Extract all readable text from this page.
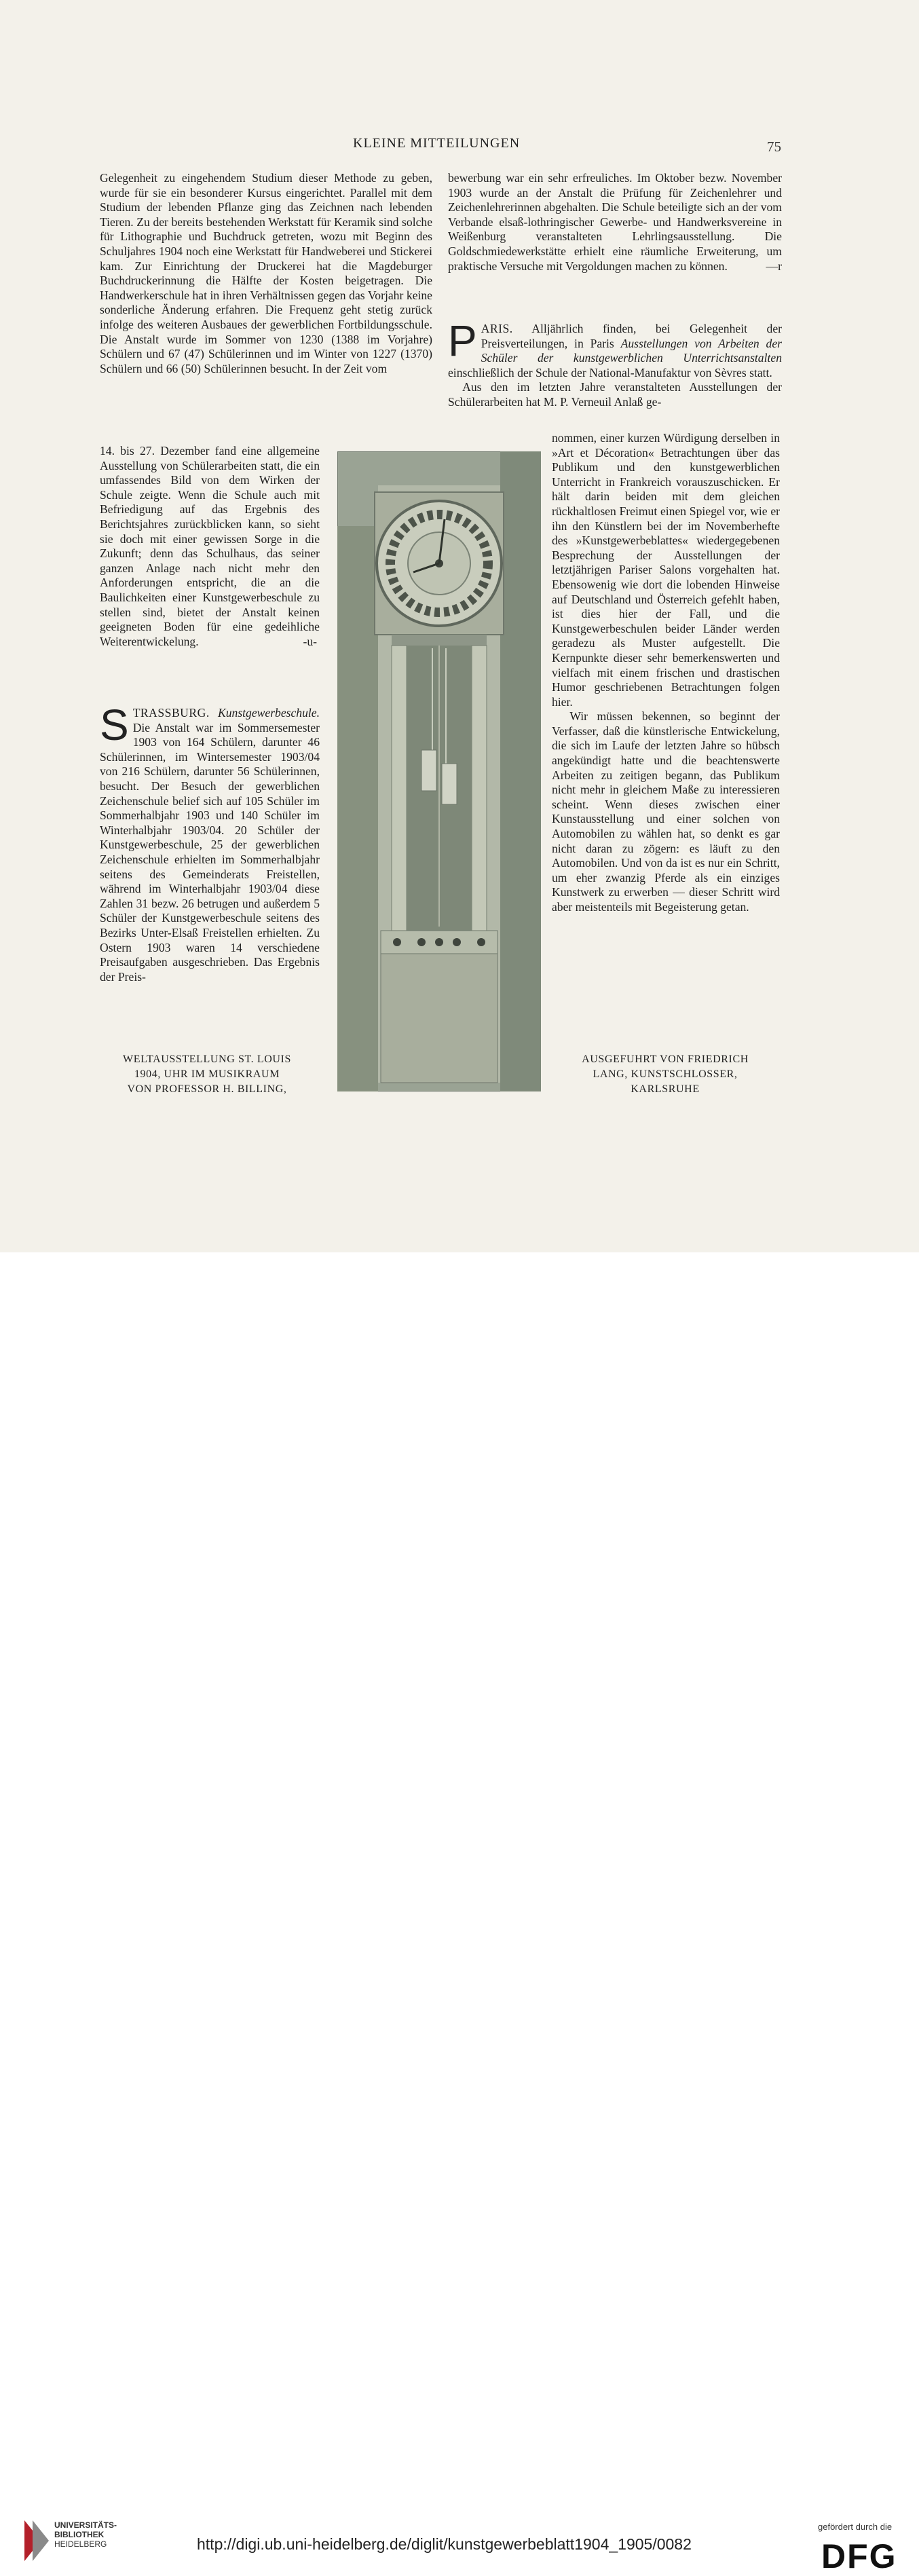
KLEINE MITTEILUNGEN	75

Gelegenheit zu eingehendem Studium dieser Methode zu geben, wurde für sie ein besonderer Kursus eingerichtet. Parallel mit dem Studium der lebenden Pflanze ging das Zeichnen nach lebenden Tieren. Zu der bereits bestehenden Werkstatt für Keramik sind solche für Lithographie und Buchdruck getreten, wozu mit Beginn des Schuljahres 1904 noch eine Werkstatt für Handweberei und Stickerei kam. Zur Einrichtung der Druckerei hat die Magdeburger Buchdruckerinnung die Hälfte der Kosten beigetragen. Die Handwerkerschule hat in ihren Verhältnissen gegen das Vorjahr keine sonderliche Änderung erfahren. Die Frequenz geht stetig zurück infolge des weiteren Ausbaues der gewerblichen Fortbildungsschule. Die Anstalt wurde im Sommer von 1230 (1388 im Vorjahre) Schülern und 67 (47) Schülerinnen und im Winter von 1227 (1370) Schülern und 66 (50) Schülerinnen besucht. In der Zeit vom

14. bis 27. Dezember fand eine allgemeine Ausstellung von Schülerarbeiten statt, die ein umfassendes Bild von dem Wirken der Schule zeigte. Wenn die Schule auch mit Befriedigung auf das Ergebnis des Berichtsjahres zurückblicken kann, so sieht sie doch mit einer gewissen Sorge in die Zukunft; denn das Schulhaus, das seiner ganzen Anlage nach nicht mehr den Anforderungen entspricht, die an die Baulichkeiten einer Kunstgewerbeschule zu stellen sind, bietet der Anstalt keinen geeigneten Boden für eine gedeihliche Weiterentwickelung.	-u-

S TRASSBURG. Kunstgewerbeschule. Die Anstalt war im Sommersemester 1903 von 164 Schülern, darunter 46 Schülerinnen, im Wintersemester 1903/04 von 216 Schülern, darunter 56 Schülerinnen, besucht. Der Besuch der gewerblichen Zeichenschule belief sich auf 105 Schüler im Sommerhalbjahr 1903 und 140 Schüler im Winterhalbjahr 1903/04. 20 Schüler der Kunstgewerbeschule, 25 der gewerblichen Zeichenschule erhielten im Sommerhalbjahr seitens des Gemeinderats Freistellen, während im Winterhalbjahr 1903/04 diese Zahlen 31 bezw. 26 betrugen und außerdem 5 Schüler der Kunstgewerbeschule seitens des Bezirks Unter-Elsaß Freistellen erhielten. Zu Ostern 1903 waren 14 verschiedene Preisaufgaben ausgeschrieben. Das Ergebnis der Preis-

bewerbung war ein sehr erfreuliches. Im Oktober bezw. November 1903 wurde an der Anstalt die Prüfung für Zeichenlehrer und Zeichenlehrerinnen abgehalten. Die Schule beteiligte sich an der vom Verbande elsaß-lothringischer Gewerbe- und Handwerksvereine in Weißenburg veranstalteten Lehrlingsausstellung. Die Goldschmiedewerkstätte erhielt eine räumliche Erweiterung, um praktische Versuche mit Vergoldungen machen zu können.	—r

P ARIS. Alljährlich finden, bei Gelegenheit der Preisverteilungen, in Paris Ausstellungen von Arbeiten der Schüler der kunstgewerblichen Unterrichtsanstalten einschließlich der Schule der National-Manufaktur von Sèvres statt.

Aus den im letzten Jahre veranstalteten Ausstellungen der Schülerarbeiten hat M. P. Verneuil Anlaß ge-

nommen, einer kurzen Würdigung derselben in »Art et Décoration« Betrachtungen über das Publikum und den kunstgewerblichen Unterricht in Frankreich vorauszuschicken. Er hält darin beiden mit dem gleichen rückhaltlosen Freimut einen Spiegel vor, wie er ihn den Künstlern bei der im Novemberhefte des »Kunstgewerbeblattes« wiedergegebenen Besprechung der Ausstellungen der letztjährigen Pariser Salons vorgehalten hat. Ebensowenig wie dort die lobenden Hinweise auf Deutschland und Österreich gefehlt haben, ist dies hier der Fall, und die Kunstgewerbeschulen beider Länder werden geradezu als Muster aufgestellt. Die Kernpunkte dieser sehr bemerkenswerten und vielfach mit einem frischen und drastischen Humor geschriebenen Betrachtungen folgen hier.

Wir müssen bekennen, so beginnt der Verfasser, daß die künstlerische Entwickelung, die sich im Laufe der letzten Jahre so hübsch angekündigt hatte und die beachtenswerte Arbeiten zu zeitigen begann, das Publikum nicht mehr in gleichem Maße zu interessieren scheint. Wenn dieses zwischen einer Kunstausstellung und einer solchen von Automobilen zu wählen hat, so denkt es gar nicht daran zu zögern: es läuft zu den Automobilen. Und von da ist es nur ein Schritt, um eher zwanzig Pferde als ein einziges Kunstwerk zu erwerben — dieser Schritt wird aber meistenteils mit Begeisterung getan.

WELTAUSSTELLUNG ST. LOUIS
1904, UHR IM MUSIKRAUM
VON PROFESSOR H. BILLING,
AUSGEFUHRT VON FRIEDRICH
LANG, KUNSTSCHLOSSER,
KARLSRUHE
UNIVERSITÄTS-
BIBLIOTHEK
HEIDELBERG	http://digi.ub.uni-heidelberg.de/diglit/kunstgewerbeblatt1904_1905/0082
gefördert durch die
DFG
